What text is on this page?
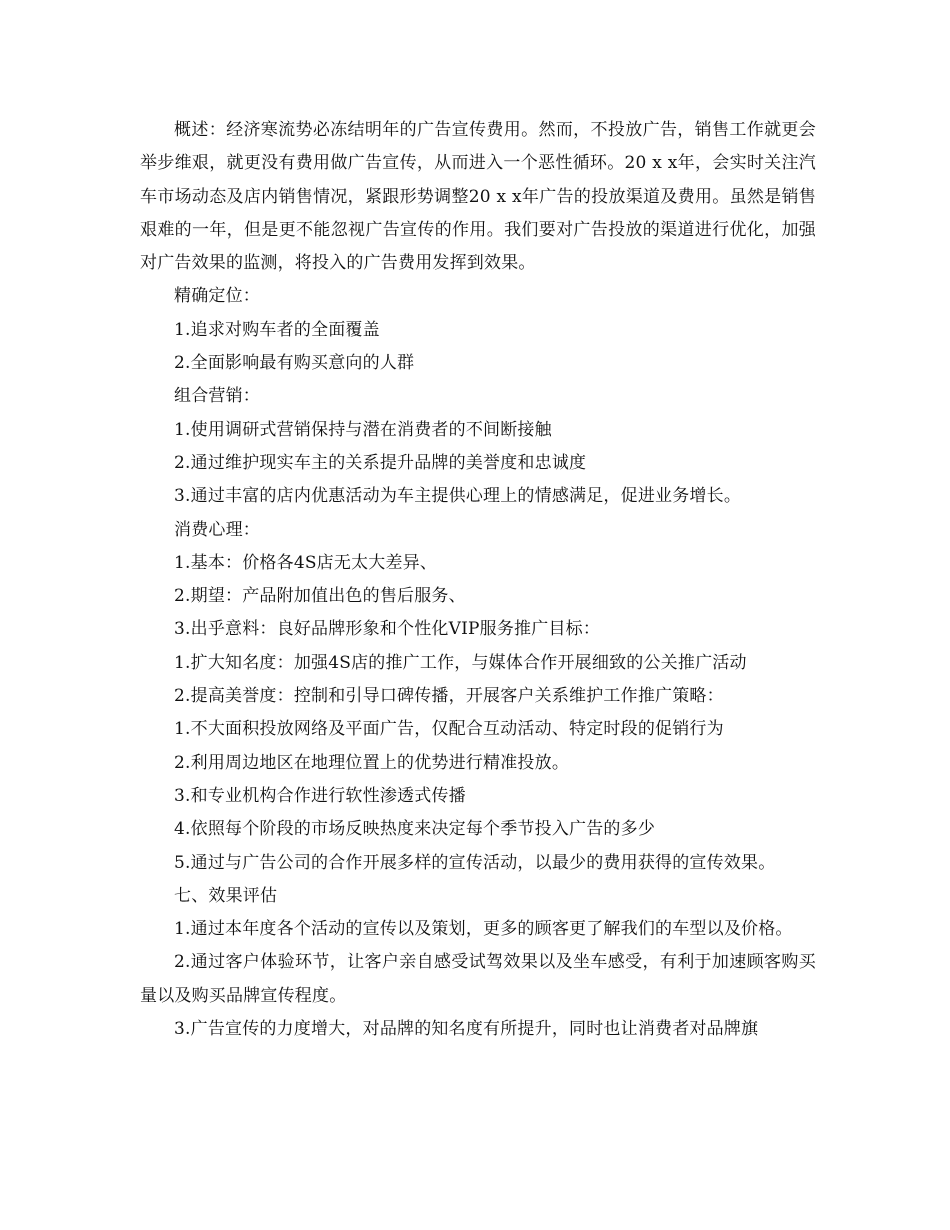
概述：经济寒流势必冻结明年的广告宣传费用。然而，不投放广告，销售工作就更会举步维艰，就更没有费用做广告宣传，从而进入一个恶性循环。20 x x年，会实时关注汽车市场动态及店内销售情况，紧跟形势调整20 x x年广告的投放渠道及费用。虽然是销售艰难的一年，但是更不能忽视广告宣传的作用。我们要对广告投放的渠道进行优化，加强对广告效果的监测，将投入的广告费用发挥到效果。

精确定位：

1.追求对购车者的全面覆盖

2.全面影响最有购买意向的人群

组合营销：

1.使用调研式营销保持与潜在消费者的不间断接触

2.通过维护现实车主的关系提升品牌的美誉度和忠诚度

3.通过丰富的店内优惠活动为车主提供心理上的情感满足，促进业务增长。

消费心理：

1.基本：价格各4S店无太大差异、

2.期望：产品附加值出色的售后服务、

3.出乎意料：良好品牌形象和个性化VIP服务推广目标：

1.扩大知名度：加强4S店的推广工作，与媒体合作开展细致的公关推广活动

2.提高美誉度：控制和引导口碑传播，开展客户关系维护工作推广策略：

1.不大面积投放网络及平面广告，仅配合互动活动、特定时段的促销行为

2.利用周边地区在地理位置上的优势进行精准投放。

3.和专业机构合作进行软性渗透式传播

4.依照每个阶段的市场反映热度来决定每个季节投入广告的多少

5.通过与广告公司的合作开展多样的宣传活动，以最少的费用获得的宣传效果。

七、效果评估

1.通过本年度各个活动的宣传以及策划，更多的顾客更了解我们的车型以及价格。

2.通过客户体验环节，让客户亲自感受试驾效果以及坐车感受，有利于加速顾客购买量以及购买品牌宣传程度。

3.广告宣传的力度增大，对品牌的知名度有所提升，同时也让消费者对品牌旗
